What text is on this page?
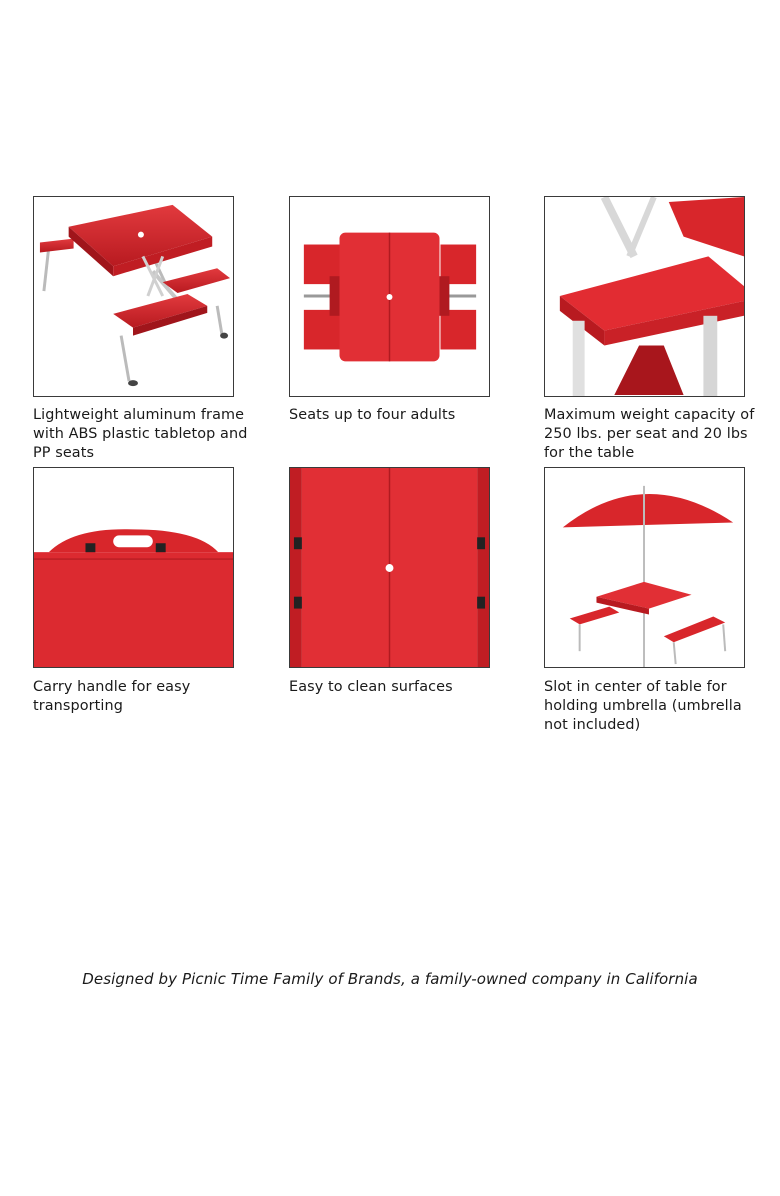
Lightweight aluminum frame with ABS plastic tabletop and PP seats
Seats up to four adults	Maximum weight capacity of 250 lbs. per seat and 20 lbs for the table
Carry handle for easy transporting
Easy to clean surfaces	Slot in center of table for holding umbrella (umbrella not included)
Designed by Picnic Time Family of Brands, a family-owned company in California
